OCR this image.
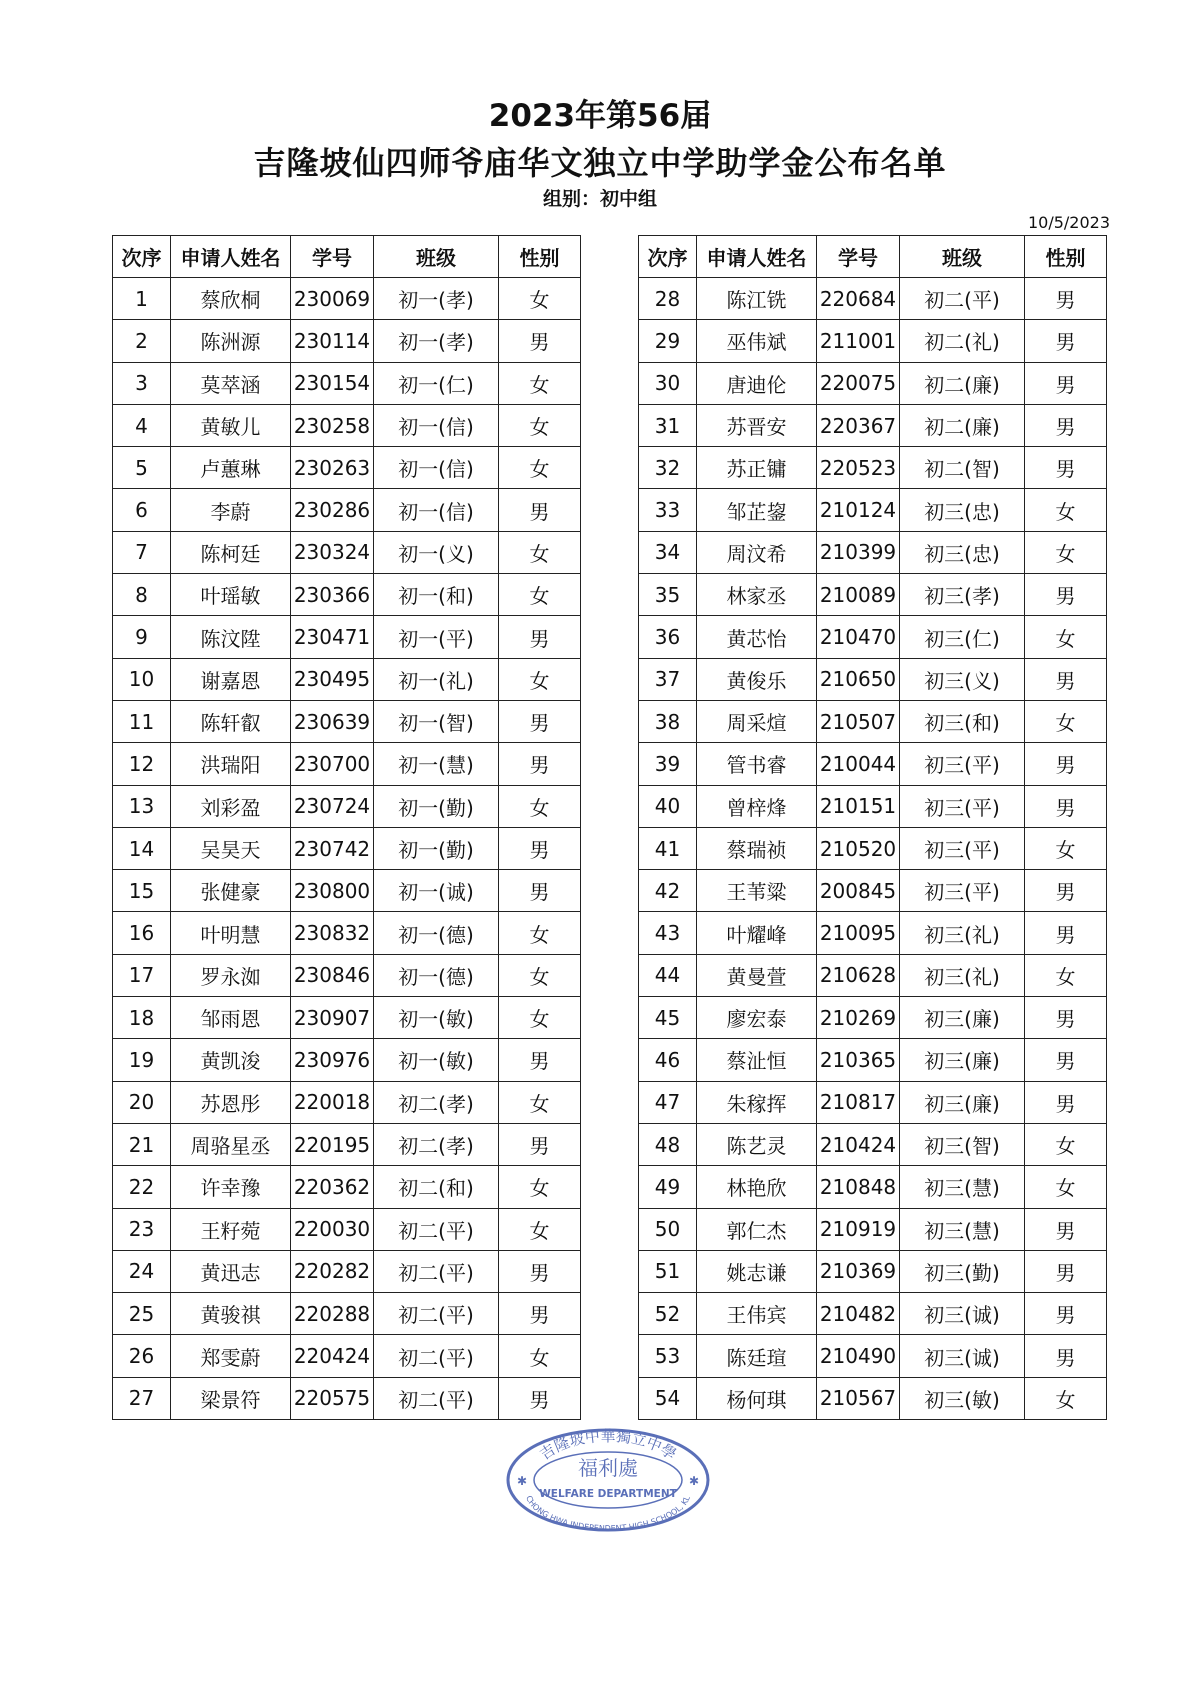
2023年第56届
吉隆坡仙四师爷庙华文独立中学助学金公布名单
组别：初中组
10/5/2023
次序	申请人姓名	学号	班级	性别
1	蔡欣桐	230069	初一(孝)	女
2	陈洲源	230114	初一(孝)	男
3	莫萃涵	230154	初一(仁)	女
4	黄敏儿	230258	初一(信)	女
5	卢蕙琳	230263	初一(信)	女
6	李蔚	230286	初一(信)	男
7	陈柯廷	230324	初一(义)	女
8	叶瑶敏	230366	初一(和)	女
9	陈汶陞	230471	初一(平)	男
10	谢嘉恩	230495	初一(礼)	女
11	陈轩叡	230639	初一(智)	男
12	洪瑞阳	230700	初一(慧)	男
13	刘彩盈	230724	初一(勤)	女
14	吴昊天	230742	初一(勤)	男
15	张健豪	230800	初一(诚)	男
16	叶明慧	230832	初一(德)	女
17	罗永洳	230846	初一(德)	女
18	邹雨恩	230907	初一(敏)	女
19	黄凯浚	230976	初一(敏)	男
20	苏恩彤	220018	初二(孝)	女
21	周骆星丞	220195	初二(孝)	男
22	许幸豫	220362	初二(和)	女
23	王籽菀	220030	初二(平)	女
24	黄迅志	220282	初二(平)	男
25	黄骏祺	220288	初二(平)	男
26	郑雯蔚	220424	初二(平)	女
27	梁景符	220575	初二(平)	男
次序	申请人姓名	学号	班级	性别
28	陈江铣	220684	初二(平)	男
29	巫伟斌	211001	初二(礼)	男
30	唐迪伦	220075	初二(廉)	男
31	苏晋安	220367	初二(廉)	男
32	苏正镛	220523	初二(智)	男
33	邹芷鋆	210124	初三(忠)	女
34	周汶希	210399	初三(忠)	女
35	林家丞	210089	初三(孝)	男
36	黄芯怡	210470	初三(仁)	女
37	黄俊乐	210650	初三(义)	男
38	周采煊	210507	初三(和)	女
39	管书睿	210044	初三(平)	男
40	曾梓烽	210151	初三(平)	男
41	蔡瑞祯	210520	初三(平)	女
42	王苇粱	200845	初三(平)	男
43	叶耀峰	210095	初三(礼)	男
44	黄曼萱	210628	初三(礼)	女
45	廖宏泰	210269	初三(廉)	男
46	蔡沚恒	210365	初三(廉)	男
47	朱稼挥	210817	初三(廉)	男
48	陈艺灵	210424	初三(智)	女
49	林艳欣	210848	初三(慧)	女
50	郭仁杰	210919	初三(慧)	男
51	姚志谦	210369	初三(勤)	男
52	王伟宾	210482	初三(诚)	男
53	陈廷瑄	210490	初三(诚)	男
54	杨何琪	210567	初三(敏)	女
吉隆坡中華獨立中學
福利處
WELFARE DEPARTMENT
CHONG HWA INDEPENDENT HIGH SCHOOL, KL
✱	✱
